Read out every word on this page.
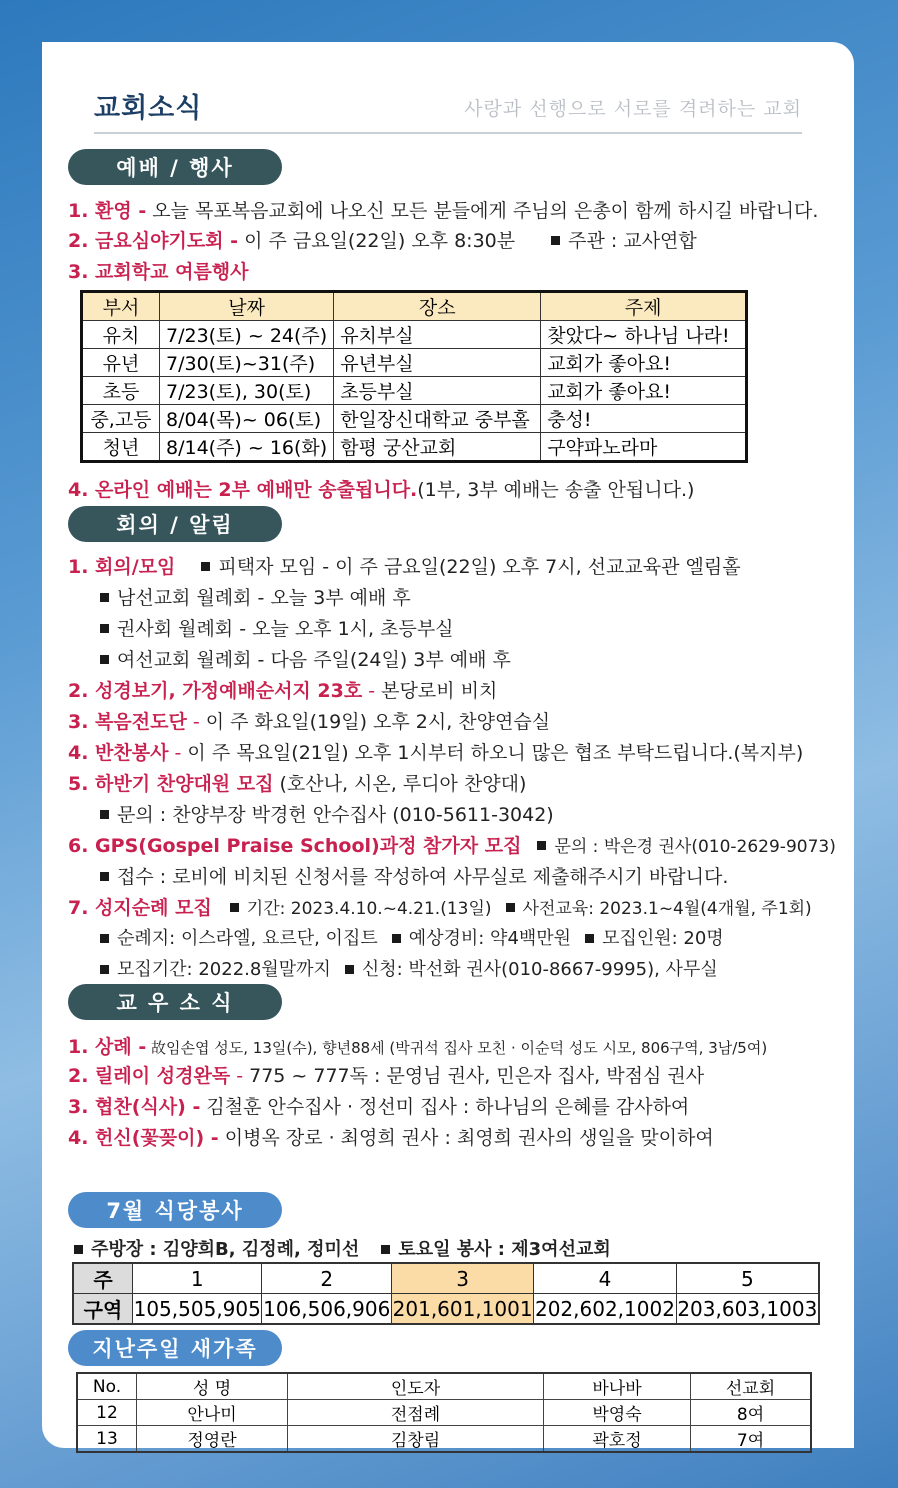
교회소식	사랑과 선행으로 서로를 격려하는 교회
예배 / 행사
1. 환영 - 오늘 목포복음교회에 나오신 모든 분들에게 주님의 은총이 함께 하시길 바랍니다.
2. 금요심야기도회 - 이 주 금요일(22일) 오후 8:30분	주관 : 교사연합
3. 교회학교 여름행사
부서	날짜	장소	주제
유치	7/23(토) ~ 24(주)	유치부실	찾았다~ 하나님 나라!
유년	7/30(토)~31(주)	유년부실	교회가 좋아요!
초등	7/23(토), 30(토)	초등부실	교회가 좋아요!
중,고등	8/04(목)~ 06(토)	한일장신대학교 중부홀	충성!
청년	8/14(주) ~ 16(화)	함평 궁산교회	구약파노라마
4. 온라인 예배는 2부 예배만 송출됩니다.(1부, 3부 예배는 송출 안됩니다.)
회의 / 알림
1. 회의/모임 피택자 모임 - 이 주 금요일(22일) 오후 7시, 선교교육관 엘림홀
남선교회 월례회 - 오늘 3부 예배 후
권사회 월례회 - 오늘 오후 1시, 초등부실
여선교회 월례회 - 다음 주일(24일) 3부 예배 후
2. 성경보기, 가정예배순서지 23호 - 본당로비 비치
3. 복음전도단 - 이 주 화요일(19일) 오후 2시, 찬양연습실
4. 반찬봉사 - 이 주 목요일(21일) 오후 1시부터 하오니 많은 협조 부탁드립니다.(복지부)
5. 하반기 찬양대원 모집 (호산나, 시온, 루디아 찬양대)
문의 : 찬양부장 박경헌 안수집사 (010-5611-3042)
6. GPS(Gospel Praise School)과정 참가자 모집 문의 : 박은경 권사(010-2629-9073)
접수 : 로비에 비치된 신청서를 작성하여 사무실로 제출해주시기 바랍니다.
7. 성지순례 모집 기간: 2023.4.10.~4.21.(13일) 사전교육: 2023.1~4월(4개월, 주1회)
순례지: 이스라엘, 요르단, 이집트 예상경비: 약4백만원 모집인원: 20명
모집기간: 2022.8월말까지 신청: 박선화 권사(010-8667-9995), 사무실
교 우 소 식
1. 상례 - 故임손엽 성도, 13일(수), 향년88세 (박귀석 집사 모친 · 이순덕 성도 시모, 806구역, 3남/5여)
2. 릴레이 성경완독 - 775 ~ 777독 : 문영님 권사, 민은자 집사, 박점심 권사
3. 협찬(식사) - 김철훈 안수집사 · 정선미 집사 : 하나님의 은혜를 감사하여
4. 헌신(꽃꽂이) - 이병옥 장로 · 최영희 권사 : 최영희 권사의 생일을 맞이하여
7월 식당봉사
주방장 : 김양희B, 김정례, 정미선 토요일 봉사 : 제3여선교회
주	1	2	3	4	5
구역	105,505,905	106,506,906	201,601,1001	202,602,1002	203,603,1003
지난주일 새가족
No.	성 명	인도자	바나바	선교회
12	안나미	전점례	박영숙	8여
13	정영란	김창림	곽호정	7여
